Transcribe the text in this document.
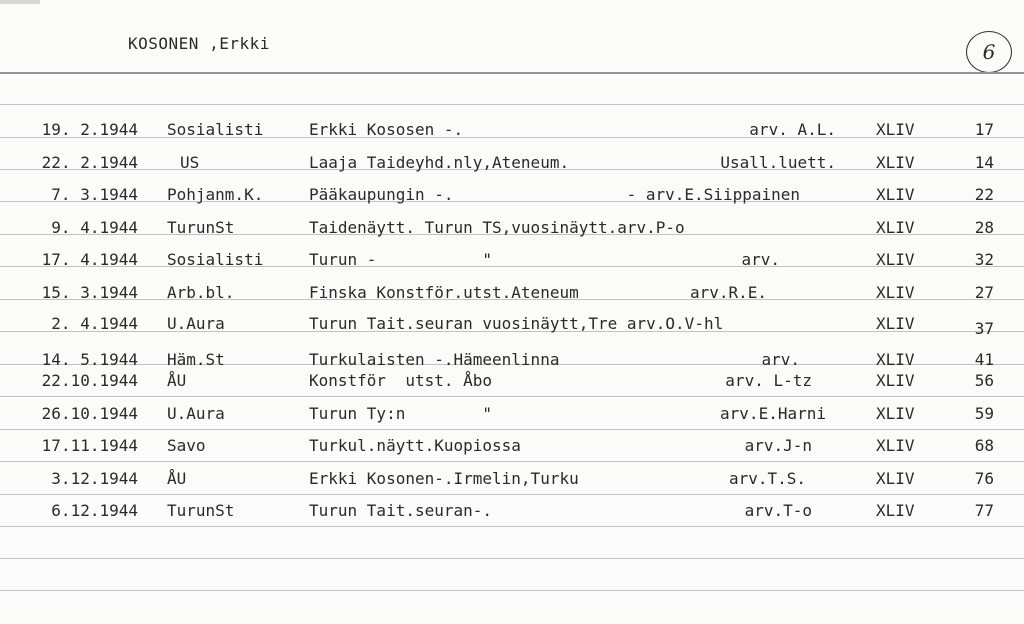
KOSONEN ,Erkki	6
19. 2.1944 Sosialisti	Erkki Kososen -.	arv. A.L.	XLIV	17
22. 2.1944	US	Laaja Taideyhd.nly,Ateneum.	Usall.luett.	XLIV	14
7. 3.1944 Pohjanm.K.	Pääkaupungin -.	- arv.E.Siippainen	XLIV	22
9. 4.1944 TurunSt	Taidenäytt. Turun TS,vuosinäytt.arv.P-o	XLIV	28
17. 4.1944 Sosialisti	Turun -           "	arv.	XLIV	32
15. 3.1944 Arb.bl.	Finska Konstför.utst.Ateneum	arv.R.E.	XLIV	27
2. 4.1944 U.Aura	Turun Tait.seuran vuosinäytt,Tre arv.O.V-hl	XLIV	37
14. 5.1944 Häm.St	Turkulaisten -.Hämeenlinna	arv.	XLIV	41
22.10.1944 ÅU	Konstför  utst. Åbo	arv. L-tz	XLIV	56
26.10.1944 U.Aura	Turun Ty:n        "	arv.E.Harni	XLIV	59
17.11.1944 Savo	Turkul.näytt.Kuopiossa	arv.J-n	XLIV	68
3.12.1944 ÅU	Erkki Kosonen-.Irmelin,Turku	arv.T.S.	XLIV	76
6.12.1944 TurunSt	Turun Tait.seuran-.	arv.T-o	XLIV	77
